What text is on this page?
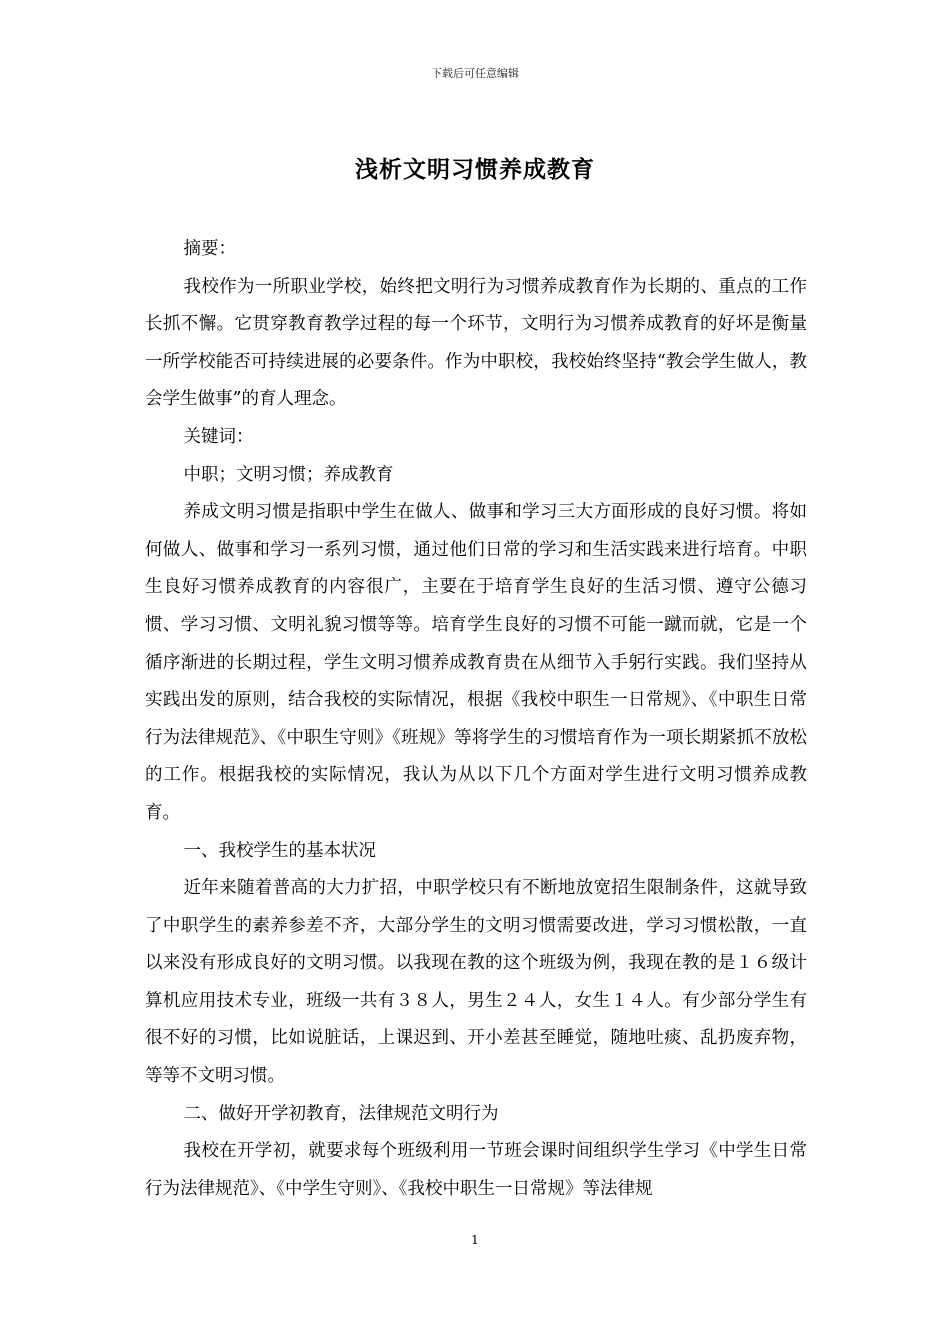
下载后可任意编辑
浅析文明习惯养成教育

摘要：

我校作为一所职业学校，始终把文明行为习惯养成教育作为长期的、重点的工作长抓不懈。它贯穿教育教学过程的每一个环节，文明行为习惯养成教育的好坏是衡量一所学校能否可持续进展的必要条件。作为中职校，我校始终坚持“教会学生做人，教会学生做事”的育人理念。

关键词：

中职；文明习惯；养成教育

养成文明习惯是指职中学生在做人、做事和学习三大方面形成的良好习惯。将如何做人、做事和学习一系列习惯，通过他们日常的学习和生活实践来进行培育。中职生良好习惯养成教育的内容很广，主要在于培育学生良好的生活习惯、遵守公德习惯、学习习惯、文明礼貌习惯等等。培育学生良好的习惯不可能一蹴而就，它是一个循序渐进的长期过程，学生文明习惯养成教育贵在从细节入手躬行实践。我们坚持从实践出发的原则，结合我校的实际情况，根据《我校中职生一日常规》、《中职生日常行为法律规范》、《中职生守则》《班规》等将学生的习惯培育作为一项长期紧抓不放松的工作。根据我校的实际情况，我认为从以下几个方面对学生进行文明习惯养成教育。

一、我校学生的基本状况

近年来随着普高的大力扩招，中职学校只有不断地放宽招生限制条件，这就导致了中职学生的素养参差不齐，大部分学生的文明习惯需要改进，学习习惯松散，一直以来没有形成良好的文明习惯。以我现在教的这个班级为例，我现在教的是１６级计算机应用技术专业，班级一共有３８人，男生２４人，女生１４人。有少部分学生有很不好的习惯，比如说脏话，上课迟到、开小差甚至睡觉，随地吐痰、乱扔废弃物，等等不文明习惯。

二、做好开学初教育，法律规范文明行为

我校在开学初，就要求每个班级利用一节班会课时间组织学生学习《中学生日常行为法律规范》、《中学生守则》、《我校中职生一日常规》等法律规

1
